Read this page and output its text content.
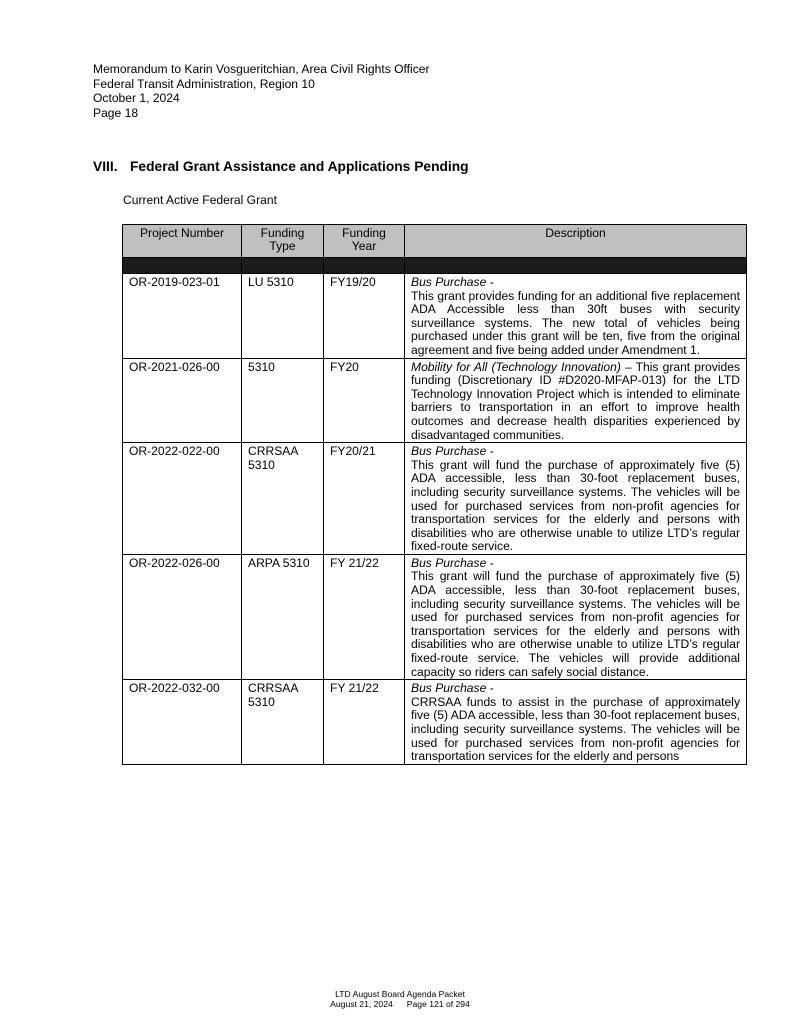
Memorandum to Karin Vosgueritchian, Area Civil Rights Officer
Federal Transit Administration, Region 10
October 1, 2024
Page 18
VIII. Federal Grant Assistance and Applications Pending
Current Active Federal Grant
Project Number	Funding Type	Funding Year	Description

OR-2019-023-01	LU 5310	FY19/20	Bus Purchase -
This grant provides funding for an additional five replacement ADA Accessible less than 30ft buses with security surveillance systems. The new total of vehicles being purchased under this grant will be ten, five from the original agreement and five being added under Amendment 1.

OR-2021-026-00	5310	FY20	Mobility for All (Technology Innovation) – This grant provides funding (Discretionary ID #D2020-MFAP-013) for the LTD Technology Innovation Project which is intended to eliminate barriers to transportation in an effort to improve health outcomes and decrease health disparities experienced by disadvantaged communities.
OR-2022-022-00	CRRSAA 5310	FY20/21	Bus Purchase -
This grant will fund the purchase of approximately five (5) ADA accessible, less than 30-foot replacement buses, including security surveillance systems. The vehicles will be used for purchased services from non-profit agencies for transportation services for the elderly and persons with disabilities who are otherwise unable to utilize LTD’s regular fixed-route service.

OR-2022-026-00	ARPA 5310	FY 21/22	Bus Purchase -
This grant will fund the purchase of approximately five (5) ADA accessible, less than 30-foot replacement buses, including security surveillance systems. The vehicles will be used for purchased services from non-profit agencies for transportation services for the elderly and persons with disabilities who are otherwise unable to utilize LTD’s regular fixed-route service. The vehicles will provide additional capacity so riders can safely social distance.

OR-2022-032-00	CRRSAA 5310	FY 21/22	Bus Purchase -
CRRSAA funds to assist in the purchase of approximately five (5) ADA accessible, less than 30-foot replacement buses, including security surveillance systems. The vehicles will be used for purchased services from non-profit agencies for transportation services for the elderly and persons
LTD August Board Agenda Packet
August 21, 2024 Page 121 of 294
